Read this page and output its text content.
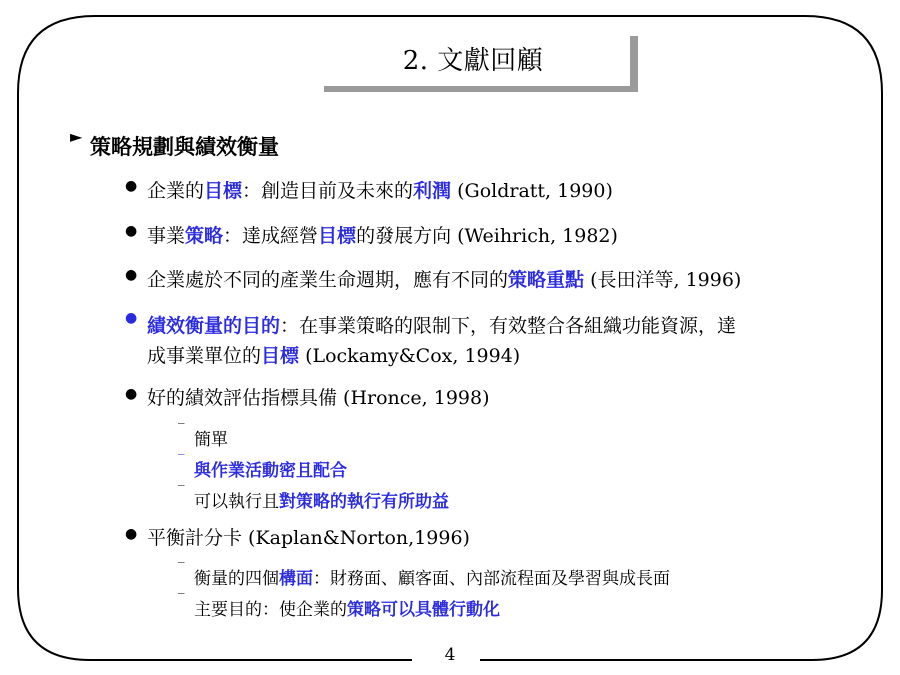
2. 文獻回顧
► 策略規劃與績效衡量
● 企業的目標：創造目前及未來的利潤 (Goldratt, 1990)
● 事業策略：達成經營目標的發展方向 (Weihrich, 1982)
● 企業處於不同的產業生命週期，應有不同的策略重點 (長田洋等, 1996)
● 績效衡量的目的：在事業策略的限制下，有效整合各組織功能資源，達
成事業單位的目標 (Lockamy&Cox, 1994)
● 好的績效評估指標具備 (Hronce, 1998)
‾
簡單
‾
與作業活動密且配合
‾
可以執行且對策略的執行有所助益
● 平衡計分卡 (Kaplan&Norton,1996)
‾
衡量的四個構面：財務面、顧客面、內部流程面及學習與成長面
‾
主要目的：使企業的策略可以具體行動化
4
